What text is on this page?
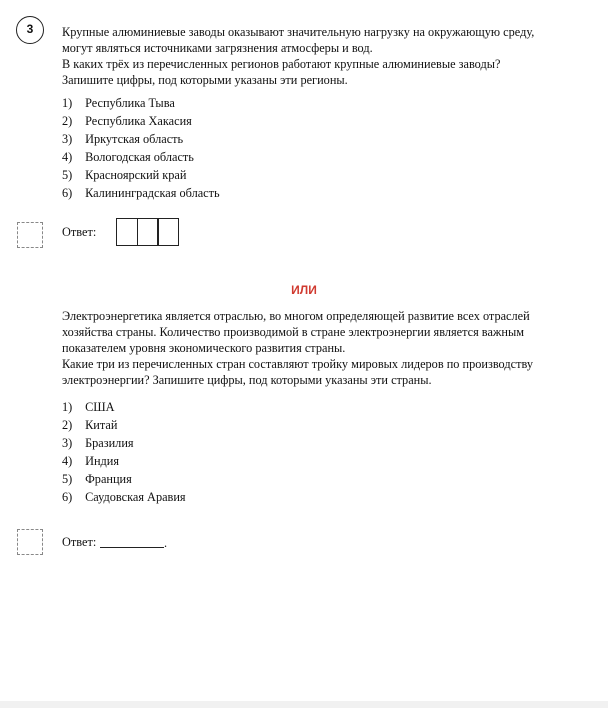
3	Крупные алюминиевые заводы оказывают значительную нагрузку на окружающую среду,

могут являться источниками загрязнения атмосферы и вод.

В каких трёх из перечисленных регионов работают крупные алюминиевые заводы?

Запишите цифры, под которыми указаны эти регионы.

1) Республика Тыва
2) Республика Хакасия
3) Иркутская область
4) Вологодская область
5) Красноярский край
6) Калининградская область
Ответ:
ИЛИ

Электроэнергетика является отраслью, во многом определяющей развитие всех отраслей

хозяйства страны. Количество производимой в стране электроэнергии является важным

показателем уровня экономического развития страны.

Какие три из перечисленных стран составляют тройку мировых лидеров по производству

электроэнергии? Запишите цифры, под которыми указаны эти страны.

1) США
2) Китай
3) Бразилия
4) Индия
5) Франция
6) Саудовская Аравия
Ответ:	.
